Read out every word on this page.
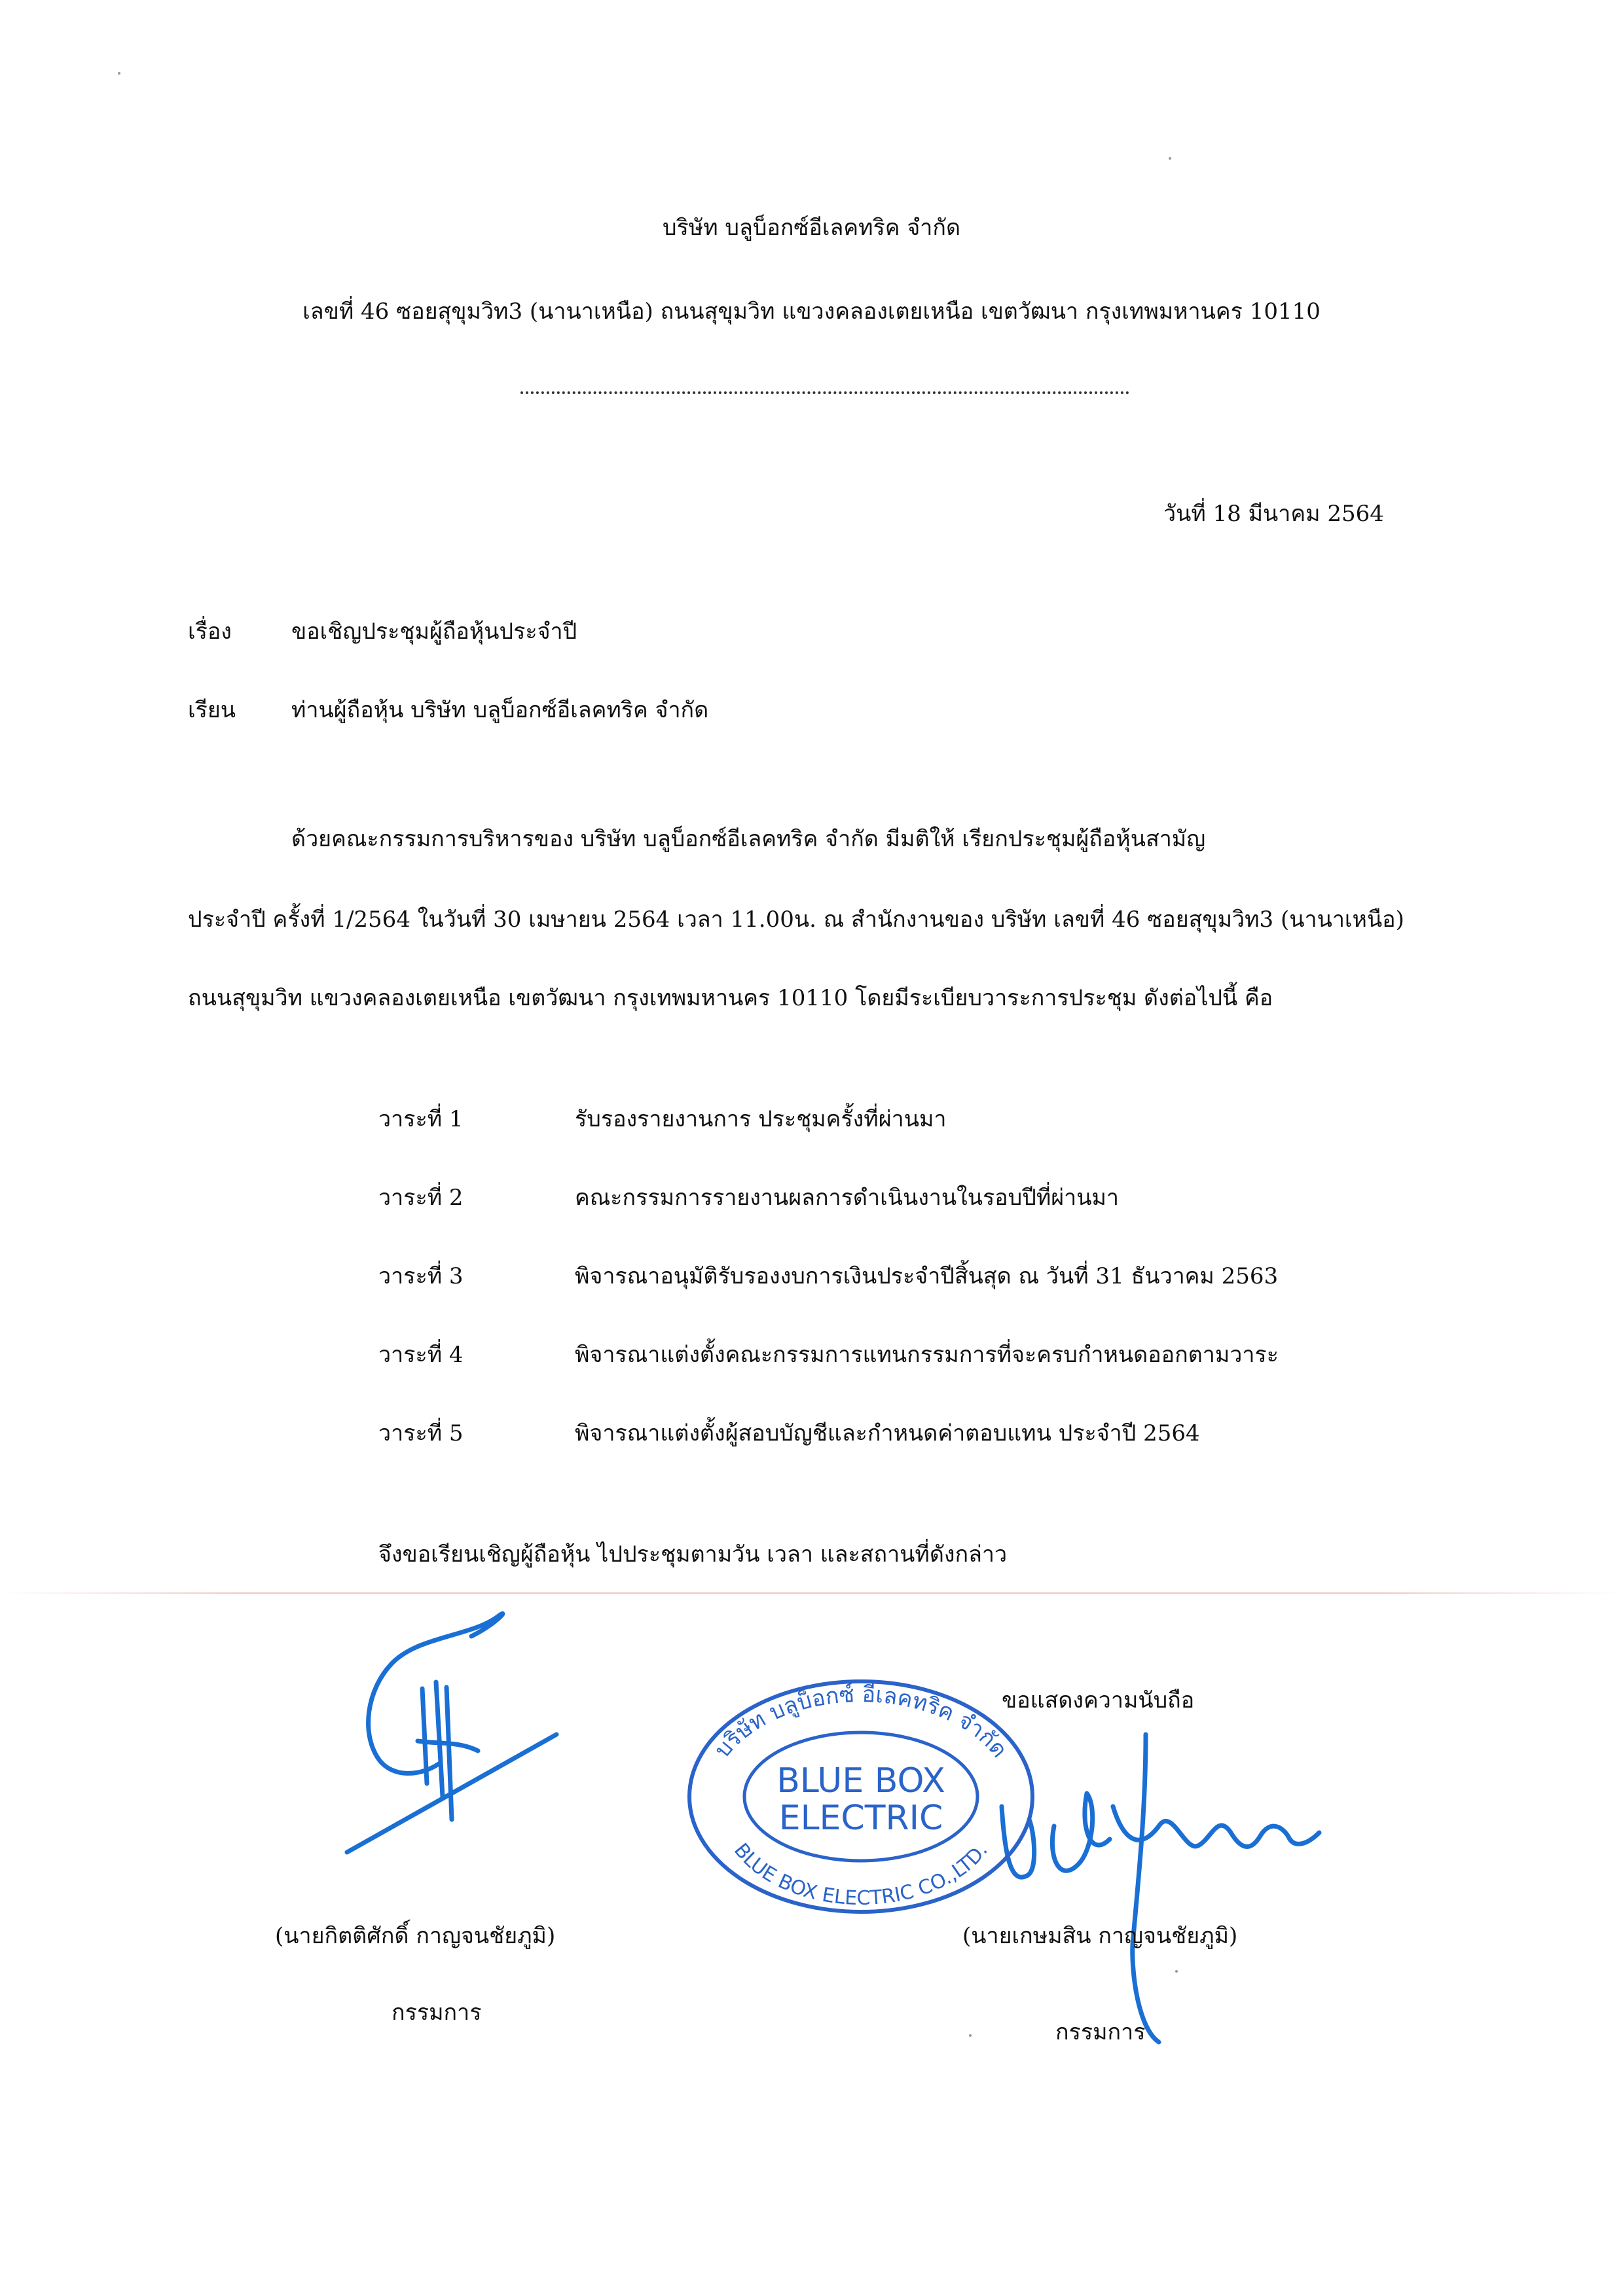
บริษัท บลูบ็อกซ์อีเลคทริค จำกัด
เลขที่ 46 ซอยสุขุมวิท3 (นานาเหนือ) ถนนสุขุมวิท แขวงคลองเตยเหนือ เขตวัฒนา กรุงเทพมหานคร 10110
วันที่ 18 มีนาคม 2564
เรื่อง	ขอเชิญประชุมผู้ถือหุ้นประจำปี
เรียน ท่านผู้ถือหุ้น บริษัท บลูบ็อกซ์อีเลคทริค จำกัด
ด้วยคณะกรรมการบริหารของ บริษัท บลูบ็อกซ์อีเลคทริค จำกัด มีมติให้ เรียกประชุมผู้ถือหุ้นสามัญ
ประจำปี ครั้งที่ 1/2564 ในวันที่ 30 เมษายน 2564 เวลา 11.00น. ณ สำนักงานของ บริษัท เลขที่ 46 ซอยสุขุมวิท3 (นานาเหนือ)
ถนนสุขุมวิท แขวงคลองเตยเหนือ เขตวัฒนา กรุงเทพมหานคร 10110 โดยมีระเบียบวาระการประชุม ดังต่อไปนี้ คือ
วาระที่ 1	รับรองรายงานการ ประชุมครั้งที่ผ่านมา
วาระที่ 2	คณะกรรมการรายงานผลการดำเนินงานในรอบปีที่ผ่านมา
วาระที่ 3	พิจารณาอนุมัติรับรองงบการเงินประจำปีสิ้นสุด ณ วันที่ 31 ธันวาคม 2563
วาระที่ 4	พิจารณาแต่งตั้งคณะกรรมการแทนกรรมการที่จะครบกำหนดออกตามวาระ
วาระที่ 5	พิจารณาแต่งตั้งผู้สอบบัญชีและกำหนดค่าตอบแทน ประจำปี 2564
จึงขอเรียนเชิญผู้ถือหุ้น ไปประชุมตามวัน เวลา และสถานที่ดังกล่าว
ขอแสดงความนับถือ
บริษัท บลูบ็อกซ์ อีเลคทริค จำกัด
BLUE BOX ELECTRIC CO.,LTD.
BLUE BOX
ELECTRIC
(นายกิตติศักดิ์ กาญจนชัยภูมิ)
กรรมการ
(นายเกษมสิน กาญจนชัยภูมิ)
กรรมการ
